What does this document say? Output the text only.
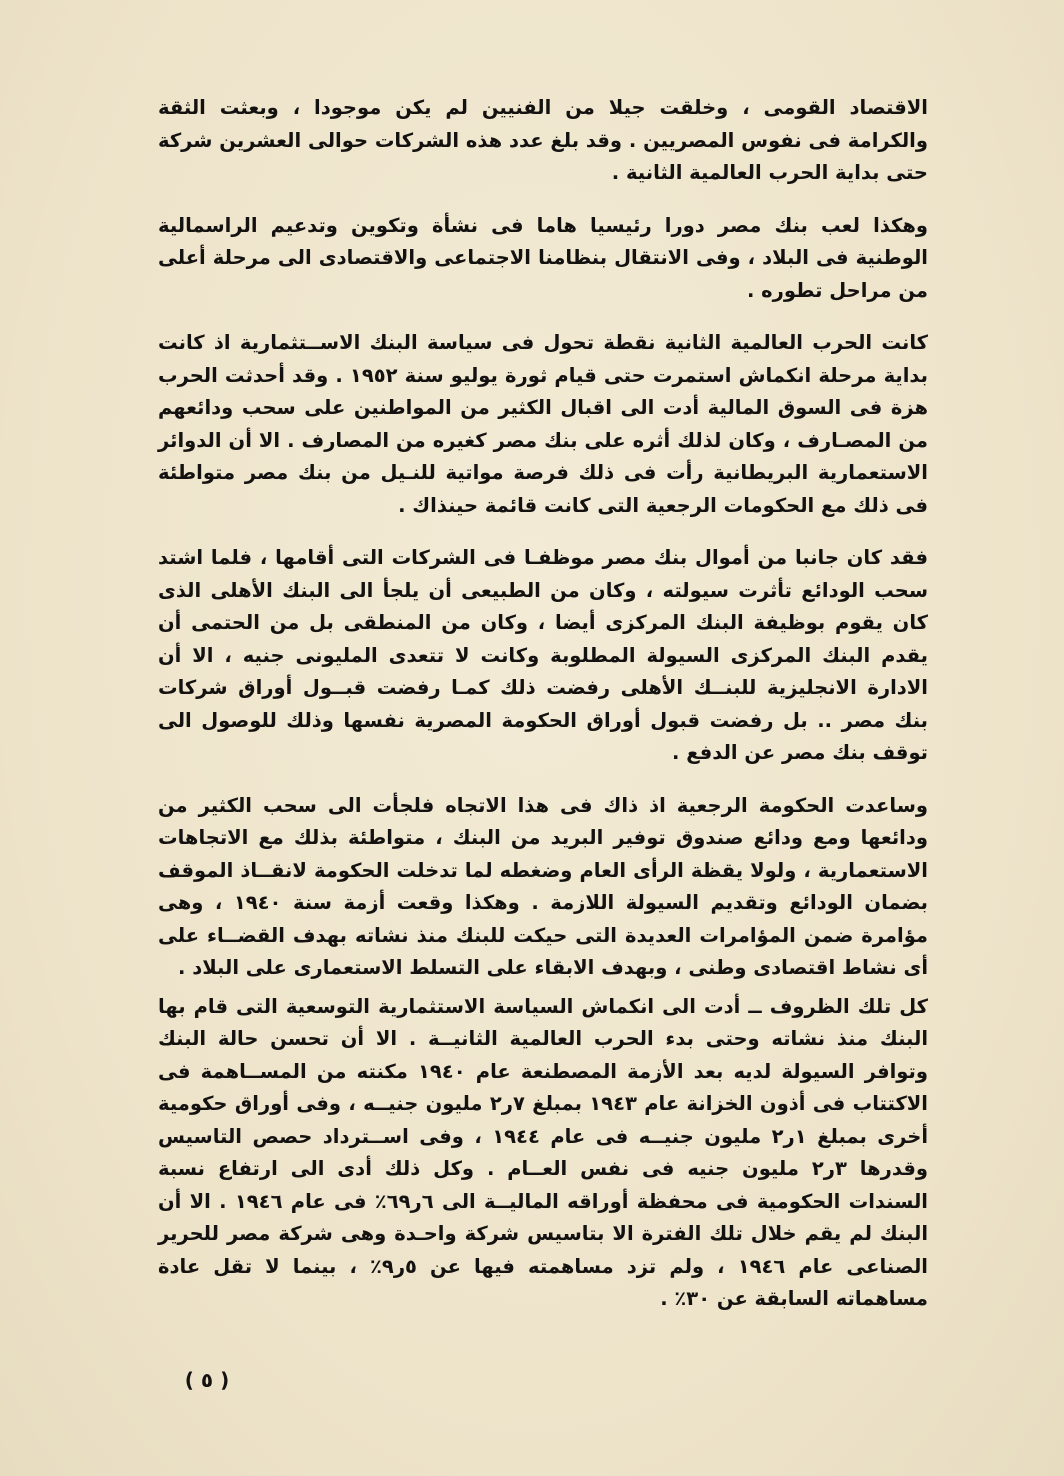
الاقتصاد القومى ، وخلقت جيلا من الفنيين لم يكن موجودا ، وبعثت الثقة والكرامة فى نفوس المصريين . وقد بلغ عدد هذه الشركات حوالى العشرين شركة حتى بداية الحرب العالمية الثانية .

وهكذا لعب بنك مصر دورا رئيسيا هاما فى نشأة وتكوين وتدعيم الراسمالية الوطنية فى البلاد ، وفى الانتقال بنظامنا الاجتماعى والاقتصادى الى مرحلة أعلى من مراحل تطوره .

كانت الحرب العالمية الثانية نقطة تحول فى سياسة البنك الاســتثمارية اذ كانت بداية مرحلة انكماش استمرت حتى قيام ثورة يوليو سنة ١٩٥٢ . وقد أحدثت الحرب هزة فى السوق المالية أدت الى اقبال الكثير من المواطنين على سحب ودائعهم من المصـارف ، وكان لذلك أثره على بنك مصر كغيره من المصارف . الا أن الدوائر الاستعمارية البريطانية رأت فى ذلك فرصة مواتية للنـيل من بنك مصر متواطئة فى ذلك مع الحكومات الرجعية التى كانت قائمة حينذاك .

فقد كان جانبا من أموال بنك مصر موظفـا فى الشركات التى أقامها ، فلما اشتد سحب الودائع تأثرت سيولته ، وكان من الطبيعى أن يلجأ الى البنك الأهلى الذى كان يقوم بوظيفة البنك المركزى أيضا ، وكان من المنطقى بل من الحتمى أن يقدم البنك المركزى السيولة المطلوبة وكانت لا تتعدى المليونى جنيه ، الا أن الادارة الانجليزية للبنــك الأهلى رفضت ذلك كمـا رفضت قبــول أوراق شركات بنك مصر .. بل رفضت قبول أوراق الحكومة المصرية نفسها وذلك للوصول الى توقف بنك مصر عن الدفع .

وساعدت الحكومة الرجعية اذ ذاك فى هذا الاتجاه فلجأت الى سحب الكثير من ودائعها ومع ودائع صندوق توفير البريد من البنك ، متواطئة بذلك مع الاتجاهات الاستعمارية ، ولولا يقظة الرأى العام وضغطه لما تدخلت الحكومة لانقــاذ الموقف بضمان الودائع وتقديم السيولة اللازمة . وهكذا وقعت أزمة سنة ١٩٤٠ ، وهى مؤامرة ضمن المؤامرات العديدة التى حيكت للبنك منذ نشاته بهدف القضــاء على أى نشاط اقتصادى وطنى ، وبهدف الابقاء على التسلط الاستعمارى على البلاد .

كل تلك الظروف ــ أدت الى انكماش السياسة الاستثمارية التوسعية التى قام بها البنك منذ نشاته وحتى بدء الحرب العالمية الثانيــة . الا أن تحسن حالة البنك وتوافر السيولة لديه بعد الأزمة المصطنعة عام ١٩٤٠ مكنته من المســاهمة فى الاكتتاب فى أذون الخزانة عام ١٩٤٣ بمبلغ ٧ر٢ مليون جنيــه ، وفى أوراق حكومية أخرى بمبلغ ١ر٢ مليون جنيــه فى عام ١٩٤٤ ، وفى اســترداد حصص التاسيس وقدرها ٣ر٢ مليون جنيه فى نفس العــام . وكل ذلك أدى الى ارتفاع نسبة السندات الحكومية فى محفظة أوراقه الماليــة الى ٦ر٦٩٪ فى عام ١٩٤٦ . الا أن البنك لم يقم خلال تلك الفترة الا بتاسيس شركة واحـدة وهى شركة مصر للحرير الصناعى عام ١٩٤٦ ، ولم تزد مساهمته فيها عن ٥ر٩٪ ، بينما لا تقل عادة مساهماته السابقة عن ٣٠٪ .

( ٥ )
